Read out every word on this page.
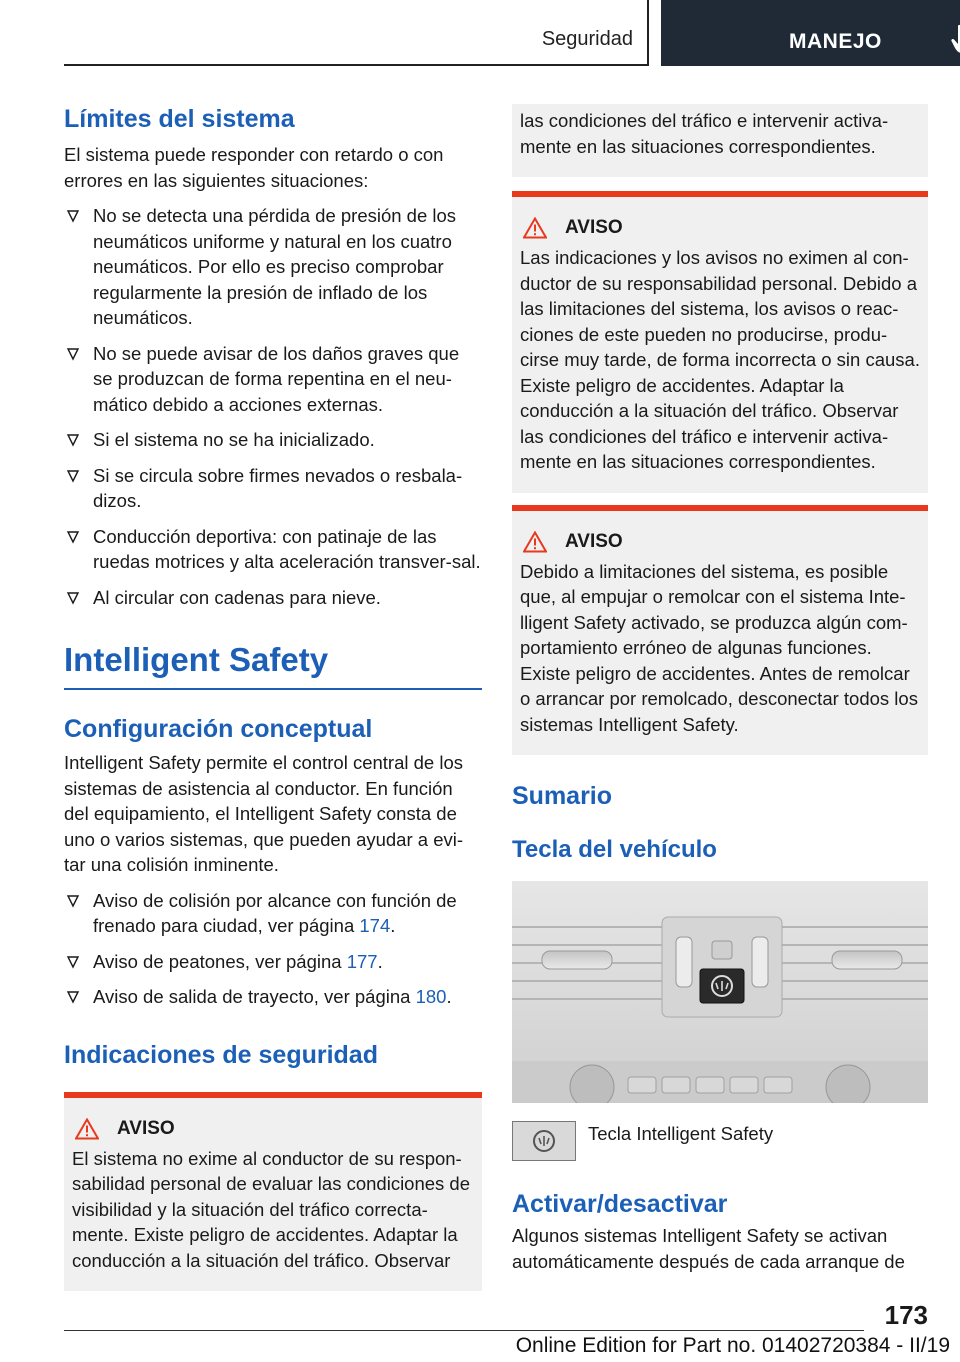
Seguridad	MANEJO
Límites del sistema
El sistema puede responder con retardo o con errores en las siguientes situaciones:
No se detecta una pérdida de presión de los neumáticos uniforme y natural en los cuatro neumáticos. Por ello es preciso comprobar regularmente la presión de inflado de los neumáticos.
No se puede avisar de los daños graves que se produzcan de forma repentina en el neu-mático debido a acciones externas.
Si el sistema no se ha inicializado.
Si se circula sobre firmes nevados o resbala-dizos.
Conducción deportiva: con patinaje de las ruedas motrices y alta aceleración transver-sal.
Al circular con cadenas para nieve.
Intelligent Safety
Configuración conceptual
Intelligent Safety permite el control central de los sistemas de asistencia al conductor. En función del equipamiento, el Intelligent Safety consta de uno o varios sistemas, que pueden ayudar a evi-tar una colisión inminente.
Aviso de colisión por alcance con función de frenado para ciudad, ver página 174.
Aviso de peatones, ver página 177.
Aviso de salida de trayecto, ver página 180.
Indicaciones de seguridad
AVISO
El sistema no exime al conductor de su respon-sabilidad personal de evaluar las condiciones de visibilidad y la situación del tráfico correcta-mente. Existe peligro de accidentes. Adaptar la conducción a la situación del tráfico. Observar
las condiciones del tráfico e intervenir activa-mente en las situaciones correspondientes.
AVISO
Las indicaciones y los avisos no eximen al con-ductor de su responsabilidad personal. Debido a las limitaciones del sistema, los avisos o reac-ciones de este pueden no producirse, produ-cirse muy tarde, de forma incorrecta o sin causa. Existe peligro de accidentes. Adaptar la conducción a la situación del tráfico. Observar las condiciones del tráfico e intervenir activa-mente en las situaciones correspondientes.
AVISO
Debido a limitaciones del sistema, es posible que, al empujar o remolcar con el sistema Inte-lligent Safety activado, se produzca algún com-portamiento erróneo de algunas funciones. Existe peligro de accidentes. Antes de remolcar o arrancar por remolcado, desconectar todos los sistemas Intelligent Safety.
Sumario
Tecla del vehículo
Tecla Intelligent Safety
Activar/desactivar
Algunos sistemas Intelligent Safety se activan automáticamente después de cada arranque de
173
Online Edition for Part no. 01402720384 - II/19
